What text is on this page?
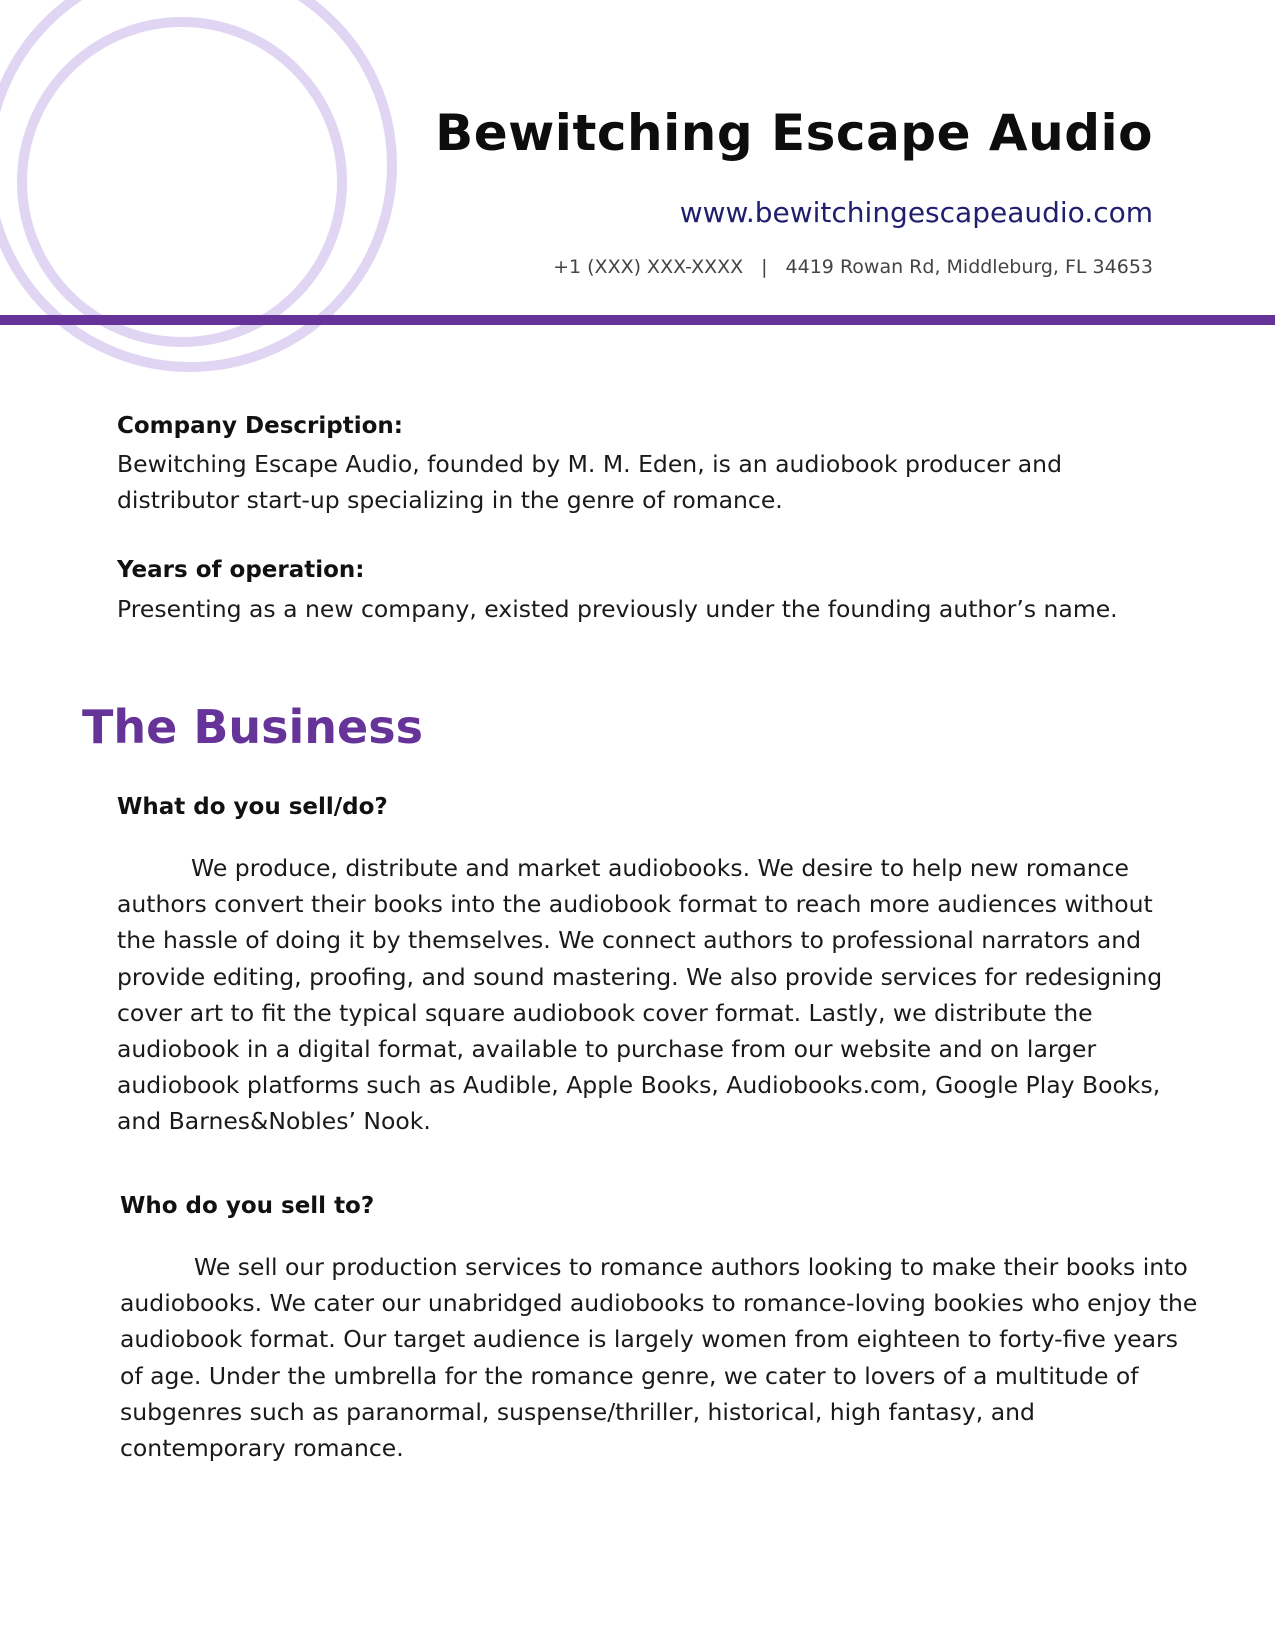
Bewitching Escape Audio
www.bewitchingescapeaudio.com
+1 (XXX) XXX-XXXX | 4419 Rowan Rd, Middleburg, FL 34653
Company Description:
Bewitching Escape Audio, founded by M. M. Eden, is an audiobook producer and distributor start-up specializing in the genre of romance.
Years of operation:
Presenting as a new company, existed previously under the founding author’s name.
The Business
What do you sell/do?
We produce, distribute and market audiobooks. We desire to help new romance authors convert their books into the audiobook format to reach more audiences without the hassle of doing it by themselves. We connect authors to professional narrators and provide editing, proofing, and sound mastering. We also provide services for redesigning cover art to fit the typical square audiobook cover format. Lastly, we distribute the audiobook in a digital format, available to purchase from our website and on larger audiobook platforms such as Audible, Apple Books, Audiobooks.com, Google Play Books, and Barnes&Nobles’ Nook.
Who do you sell to?
We sell our production services to romance authors looking to make their books into audiobooks. We cater our unabridged audiobooks to romance-loving bookies who enjoy the audiobook format. Our target audience is largely women from eighteen to forty-five years of age. Under the umbrella for the romance genre, we cater to lovers of a multitude of subgenres such as paranormal, suspense/thriller, historical, high fantasy, and contemporary romance.
